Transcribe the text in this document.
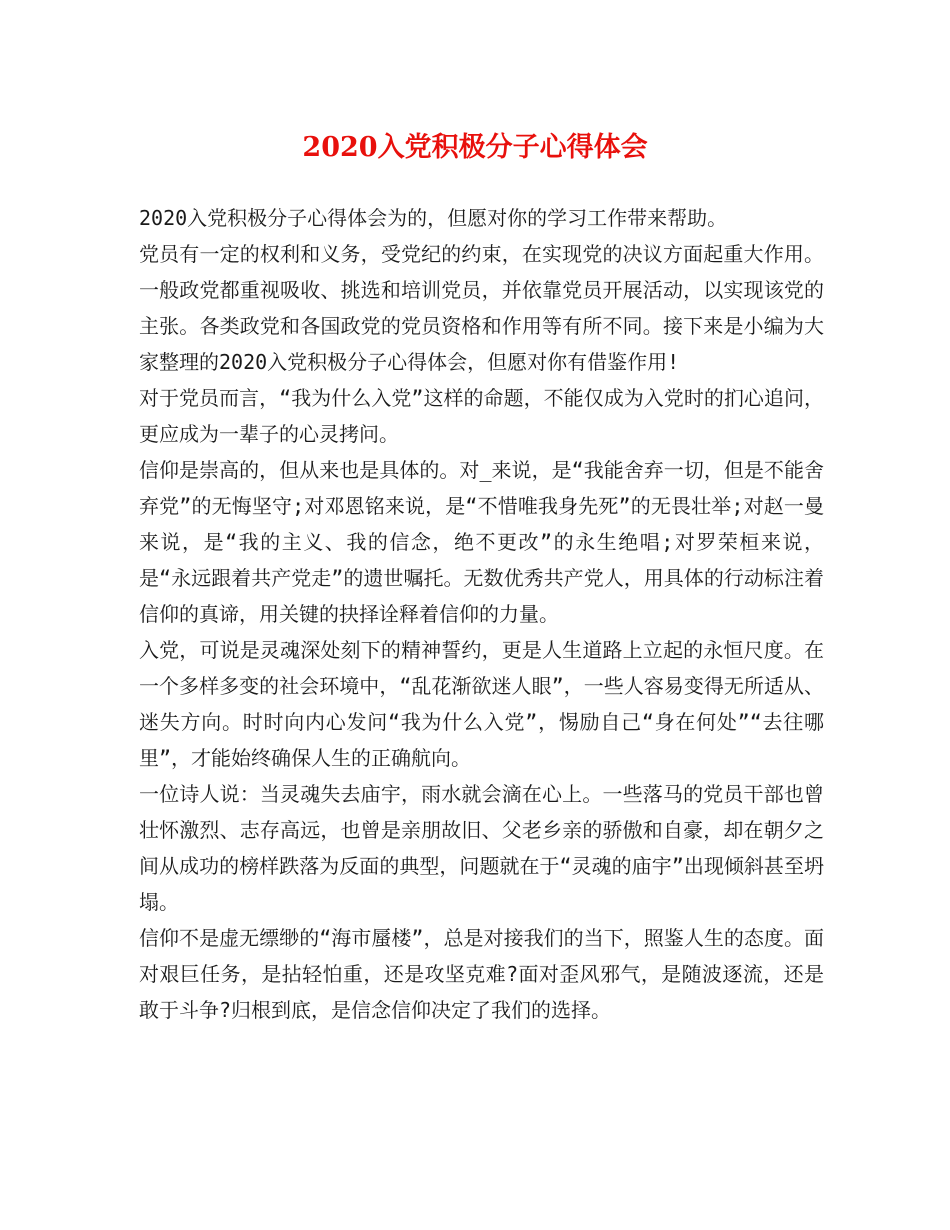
2020入党积极分子心得体会

2020入党积极分子心得体会为的，但愿对你的学习工作带来帮助。

党员有一定的权利和义务，受党纪的约束，在实现党的决议方面起重大作用。一般政党都重视吸收、挑选和培训党员，并依靠党员开展活动，以实现该党的主张。各类政党和各国政党的党员资格和作用等有所不同。接下来是小编为大家整理的2020入党积极分子心得体会，但愿对你有借鉴作用!

对于党员而言，“我为什么入党”这样的命题，不能仅成为入党时的扪心追问，更应成为一辈子的心灵拷问。

信仰是崇高的，但从来也是具体的。对_来说，是“我能舍弃一切，但是不能舍弃党”的无悔坚守;对邓恩铭来说，是“不惜唯我身先死”的无畏壮举;对赵一曼来说，是“我的主义、我的信念，绝不更改”的永生绝唱;对罗荣桓来说，是“永远跟着共产党走”的遗世嘱托。无数优秀共产党人，用具体的行动标注着信仰的真谛，用关键的抉择诠释着信仰的力量。

入党，可说是灵魂深处刻下的精神誓约，更是人生道路上立起的永恒尺度。在一个多样多变的社会环境中，“乱花渐欲迷人眼”，一些人容易变得无所适从、迷失方向。时时向内心发问“我为什么入党”，惕励自己“身在何处”“去往哪里”，才能始终确保人生的正确航向。

一位诗人说：当灵魂失去庙宇，雨水就会滴在心上。一些落马的党员干部也曾壮怀激烈、志存高远，也曾是亲朋故旧、父老乡亲的骄傲和自豪，却在朝夕之间从成功的榜样跌落为反面的典型，问题就在于“灵魂的庙宇”出现倾斜甚至坍塌。

信仰不是虚无缥缈的“海市蜃楼”，总是对接我们的当下，照鉴人生的态度。面对艰巨任务，是拈轻怕重，还是攻坚克难?面对歪风邪气，是随波逐流，还是敢于斗争?归根到底，是信念信仰决定了我们的选择。
